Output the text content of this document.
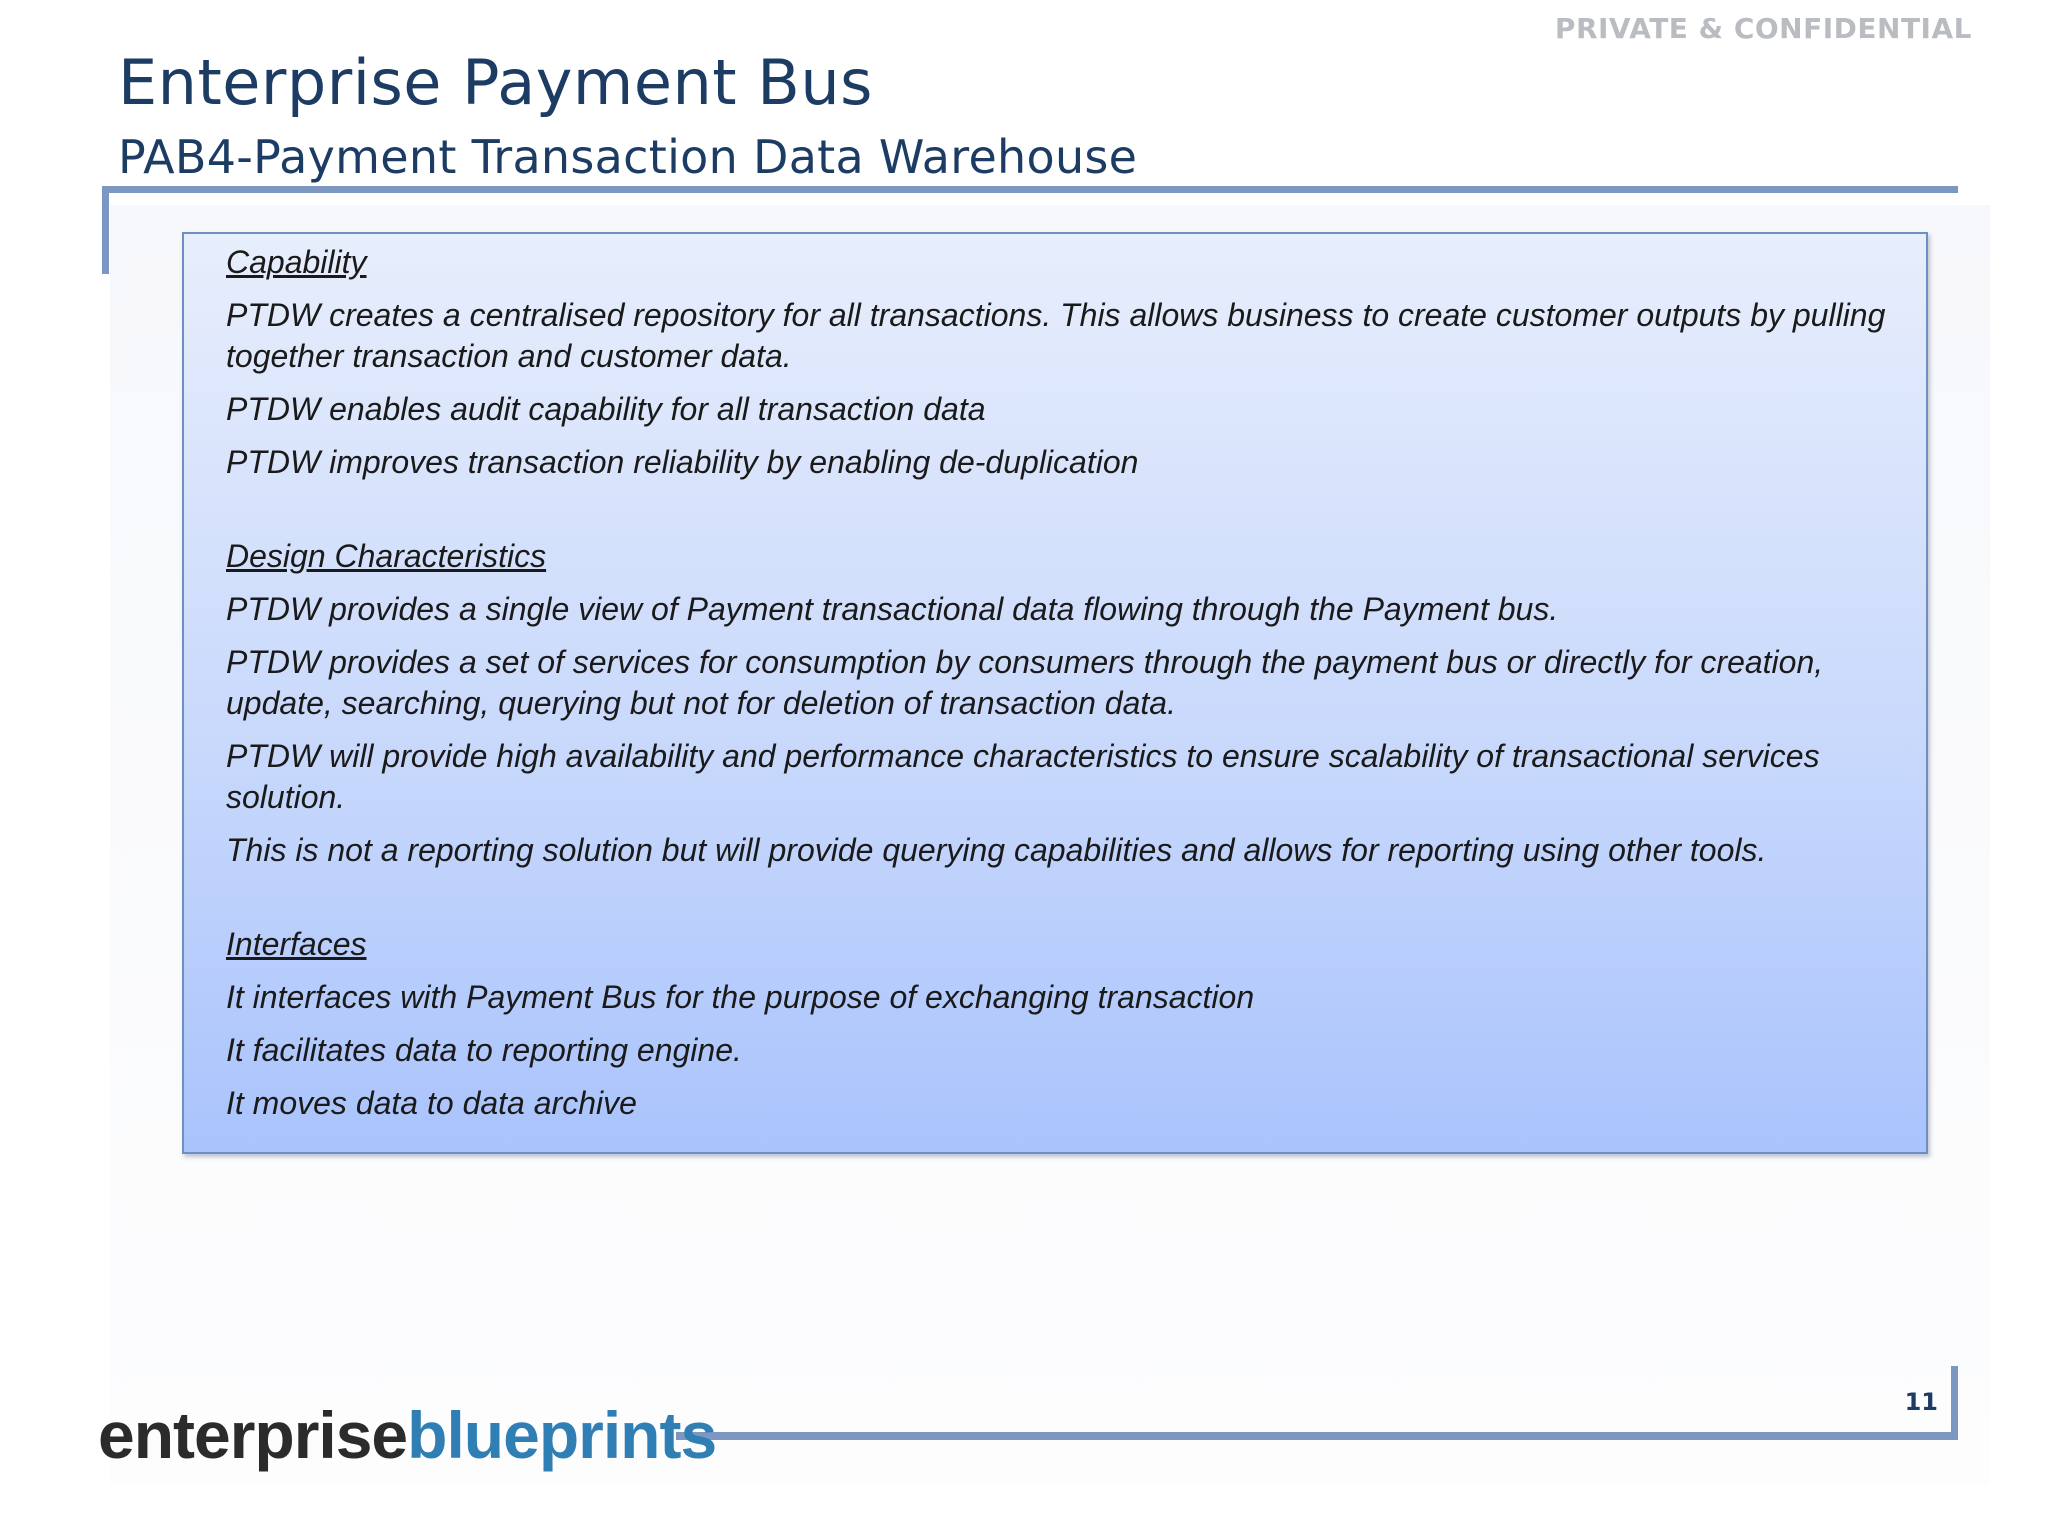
PRIVATE & CONFIDENTIAL
Enterprise Payment Bus
PAB4-Payment Transaction Data Warehouse
Capability
PTDW creates a centralised repository for all transactions. This allows business to create customer outputs by pulling together transaction and customer data.
PTDW enables audit capability for all transaction data
PTDW improves transaction reliability by enabling de-duplication
Design Characteristics
PTDW provides a single view of Payment transactional data flowing through the Payment bus.
PTDW provides a set of services for consumption by consumers through the payment bus or directly for creation, update, searching, querying but not for deletion of transaction data.
PTDW will provide high availability and performance characteristics to ensure scalability of transactional services solution.
This is not a reporting solution but will provide querying capabilities and allows for reporting using other tools.
Interfaces
It interfaces with Payment Bus for the purpose of exchanging transaction
It facilitates data to reporting engine.
It moves data to data archive
11
enterpriseblueprints
